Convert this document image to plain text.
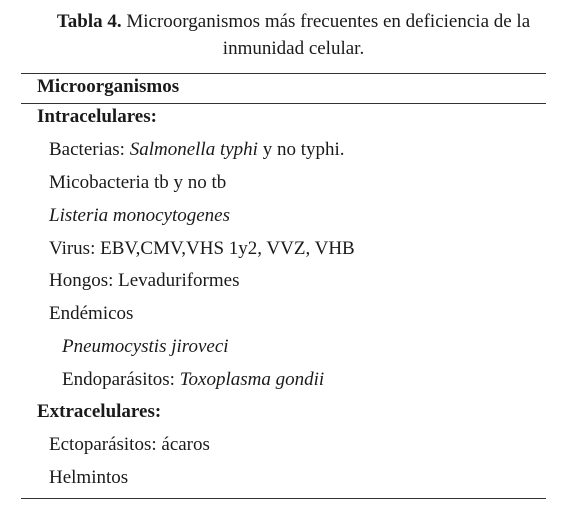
Tabla 4. Microorganismos más frecuentes en deficiencia de la
inmunidad celular.
Microorganismos
Intracelulares:
Bacterias: Salmonella typhi y no typhi.
Micobacteria tb y no tb
Listeria monocytogenes
Virus: EBV,CMV,VHS 1y2, VVZ, VHB
Hongos: Levaduriformes
Endémicos
Pneumocystis jiroveci
Endoparásitos: Toxoplasma gondii
Extracelulares:
Ectoparásitos: ácaros
Helmintos
